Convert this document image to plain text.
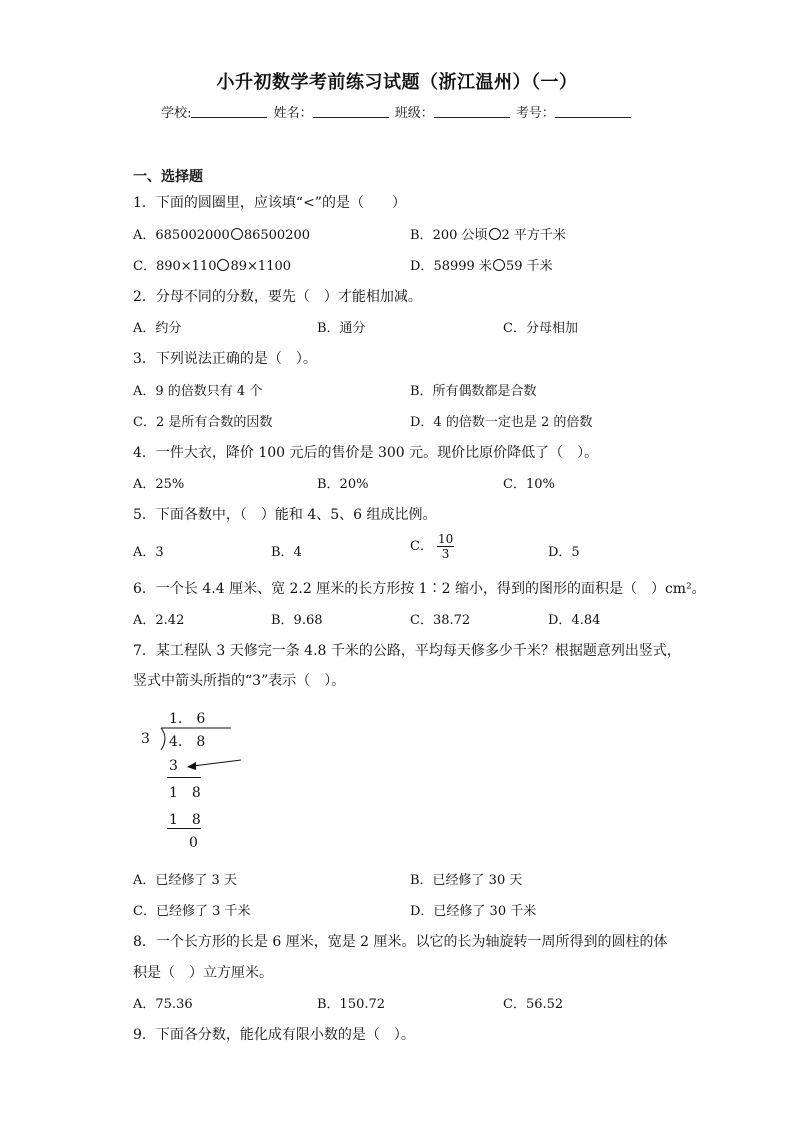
小升初数学考前练习试题（浙江温州）（一）
学校:	姓名：	班级：	考号：
一、选择题
1．下面的圆圈里，应该填“<”的是（　　）
A．685002000 86500200	B．200 公顷 2 平方千米
C．890×110 89×1100	D．58999 米 59 千米
2．分母不同的分数，要先（　）才能相加减。
A．约分	B．通分	C．分母相加
3．下列说法正确的是（　）。
A．9 的倍数只有 4 个	B．所有偶数都是合数
C．2 是所有合数的因数	D．4 的倍数一定也是 2 的倍数
4．一件大衣，降价 100 元后的售价是 300 元。现价比原价降低了（　）。
A．25%	B．20%	C．10%
5．下面各数中，（　）能和 4、5、6 组成比例。
A．3	B．4	C． $\frac{10}{3}$	D．5
6．一个长 4.4 厘米、宽 2.2 厘米的长方形按 1∶2 缩小，得到的图形的面积是（　）cm²。
A．2.42	B．9.68	C．38.72	D．4.84
7．某工程队 3 天修完一条 4.8 千米的公路，平均每天修多少千米？根据题意列出竖式，
竖式中箭头所指的“3”表示（　）。
1.　6
3 4.　8
3
1　8
1　8
0
A．已经修了 3 天	B．已经修了 30 天
C．已经修了 3 千米	D．已经修了 30 千米
8．一个长方形的长是 6 厘米，宽是 2 厘米。以它的长为轴旋转一周所得到的圆柱的体
积是（　）立方厘米。
A．75.36	B．150.72	C．56.52
9．下面各分数，能化成有限小数的是（　）。
